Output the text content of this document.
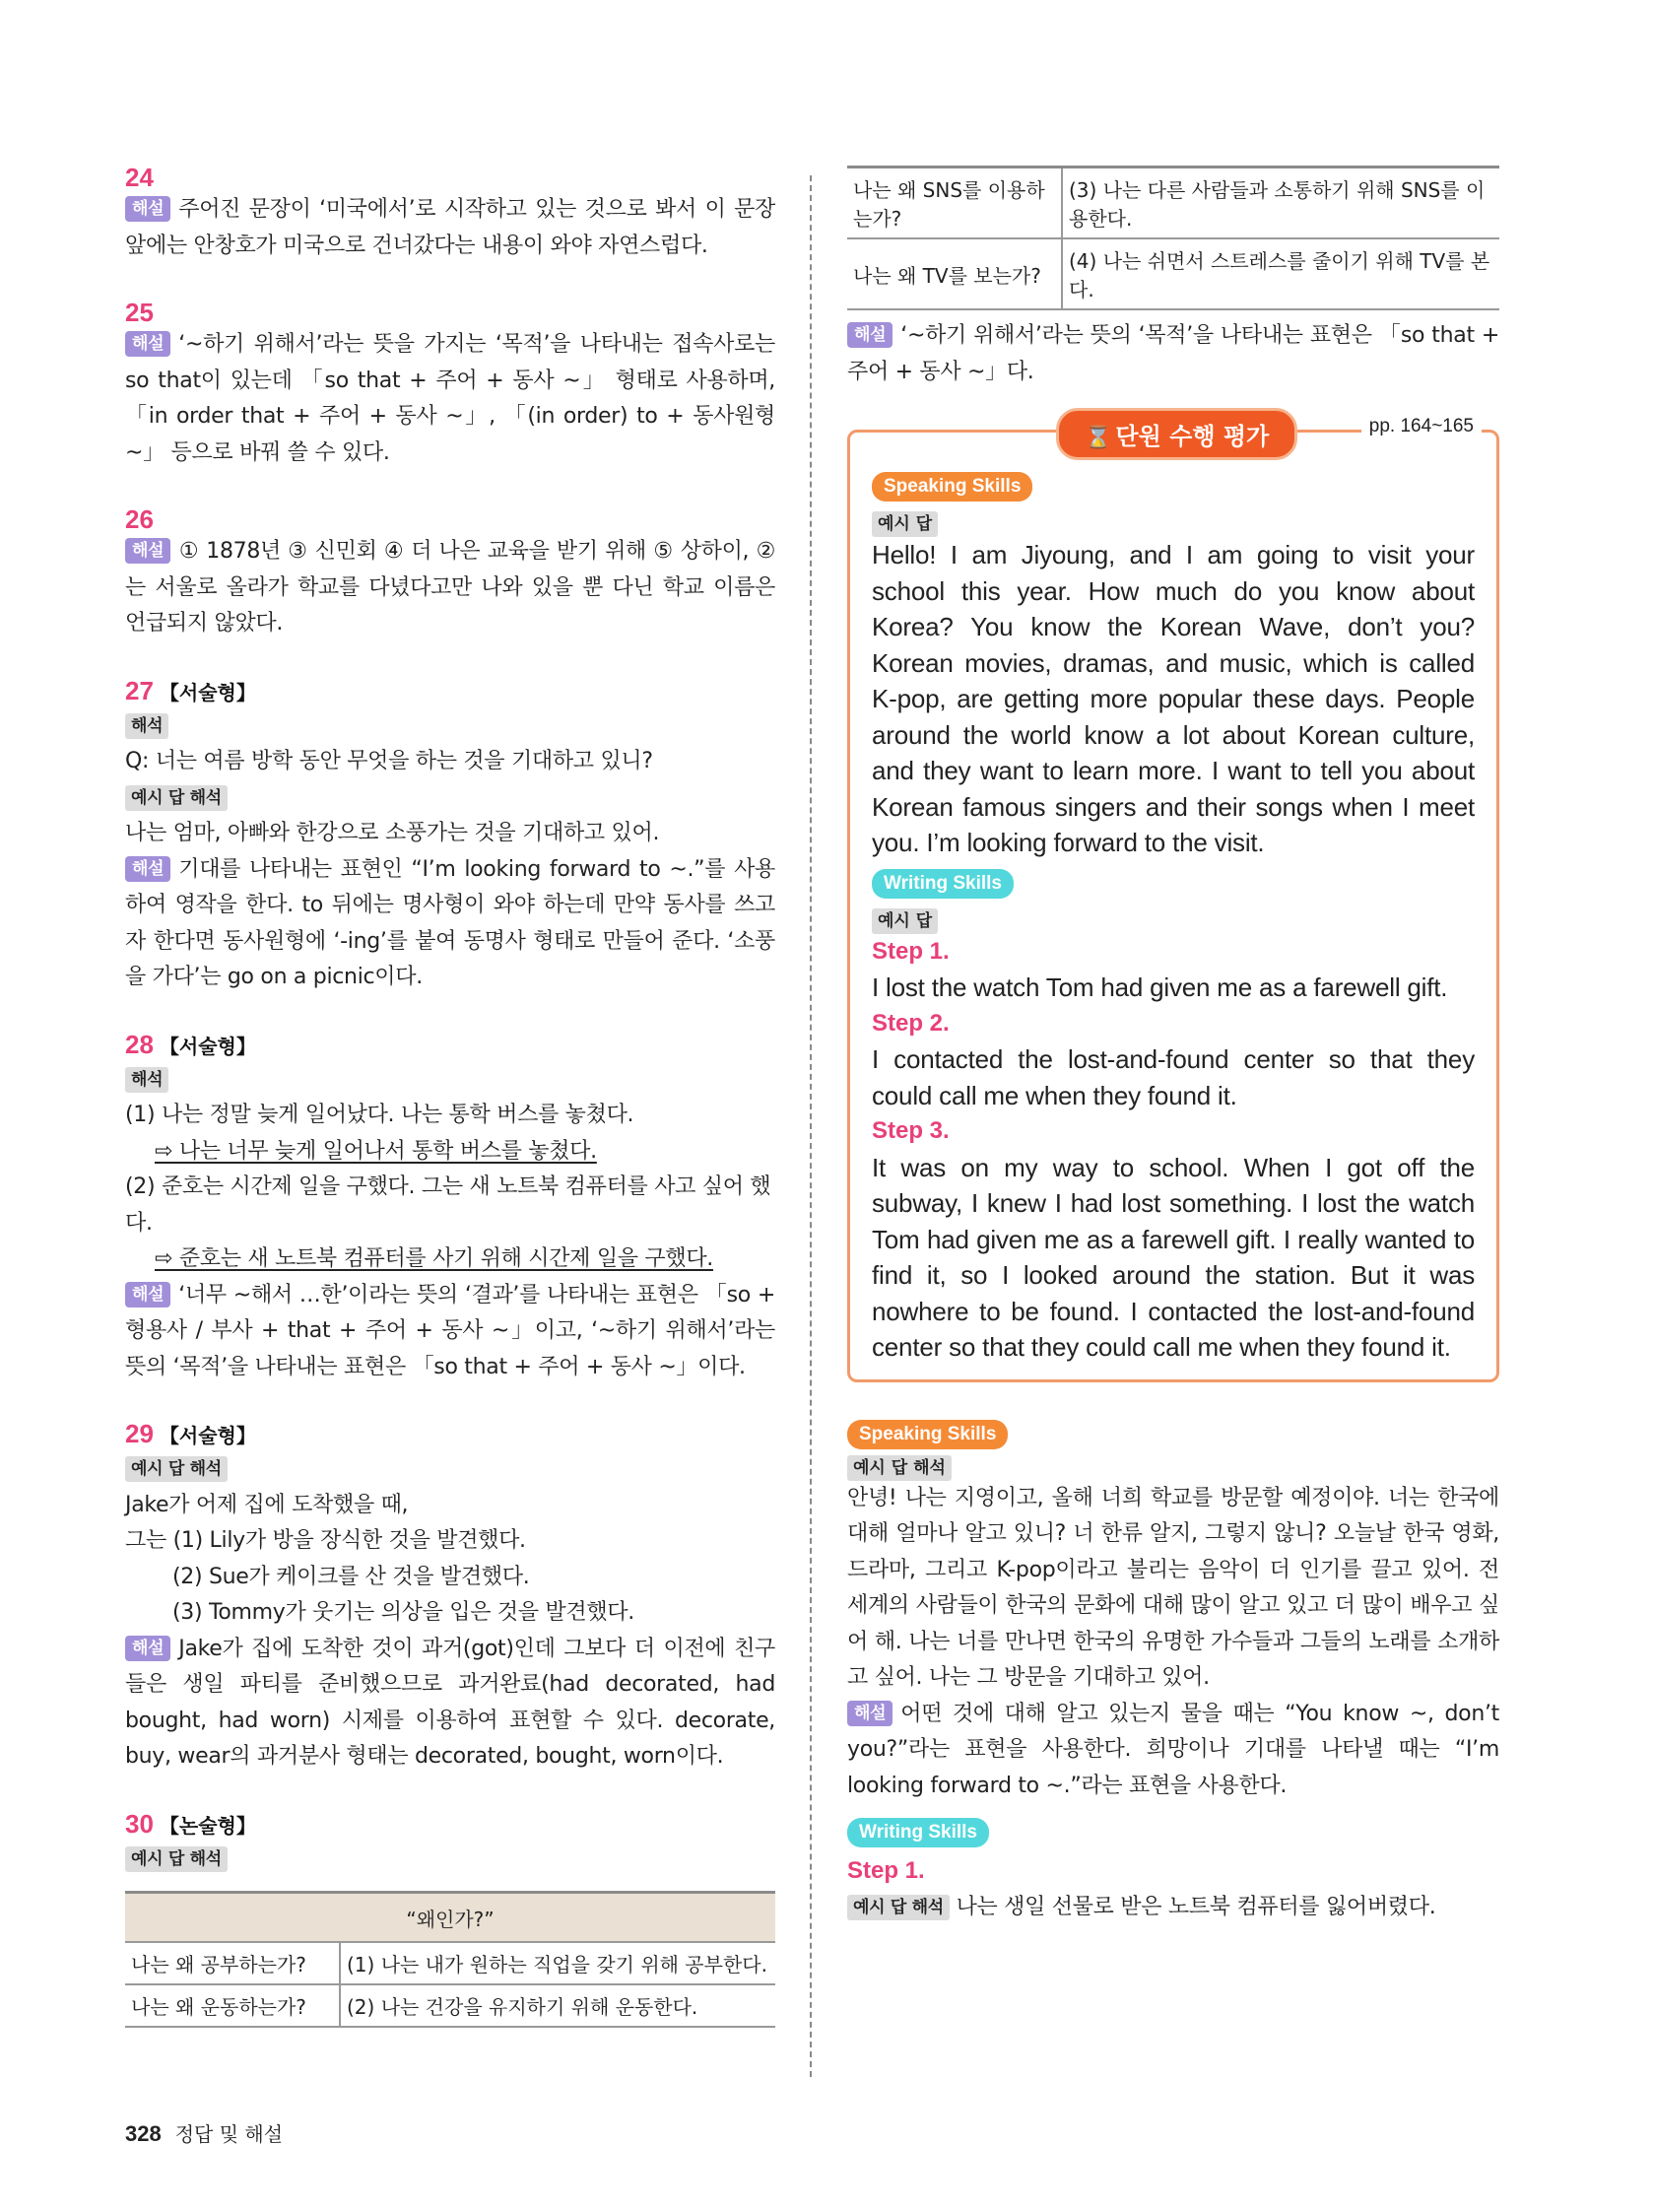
24
해설 주어진 문장이 ‘미국에서’로 시작하고 있는 것으로 봐서 이 문장 앞에는 안창호가 미국으로 건너갔다는 내용이 와야 자연스럽다.
25
해설 ‘~하기 위해서’라는 뜻을 가지는 ‘목적’을 나타내는 접속사로는 so that이 있는데 「so that + 주어 + 동사 ~」 형태로 사용하며, 「in order that + 주어 + 동사 ~」, 「(in order) to + 동사원형 ~」 등으로 바꿔 쓸 수 있다.
26
해설 ① 1878년 ③ 신민회 ④ 더 나은 교육을 받기 위해 ⑤ 상하이, ②는 서울로 올라가 학교를 다녔다고만 나와 있을 뿐 다닌 학교 이름은 언급되지 않았다.
27 【서술형】
해석
Q: 너는 여름 방학 동안 무엇을 하는 것을 기대하고 있니?
예시 답 해석
나는 엄마, 아빠와 한강으로 소풍가는 것을 기대하고 있어.
해설 기대를 나타내는 표현인 “I’m looking forward to ~.”를 사용하여 영작을 한다. to 뒤에는 명사형이 와야 하는데 만약 동사를 쓰고자 한다면 동사원형에 ‘-ing’를 붙여 동명사 형태로 만들어 준다. ‘소풍을 가다’는 go on a picnic이다.
28 【서술형】
해석
(1) 나는 정말 늦게 일어났다. 나는 통학 버스를 놓쳤다.
⇨ 나는 너무 늦게 일어나서 통학 버스를 놓쳤다.
(2) 준호는 시간제 일을 구했다. 그는 새 노트북 컴퓨터를 사고 싶어 했다.
⇨ 준호는 새 노트북 컴퓨터를 사기 위해 시간제 일을 구했다.
해설 ‘너무 ~해서 …한’이라는 뜻의 ‘결과’를 나타내는 표현은 「so + 형용사 / 부사 + that + 주어 + 동사 ~」이고, ‘~하기 위해서’라는 뜻의 ‘목적’을 나타내는 표현은 「so that + 주어 + 동사 ~」이다.
29 【서술형】
예시 답 해석
Jake가 어제 집에 도착했을 때,
그는 (1) Lily가 방을 장식한 것을 발견했다.
(2) Sue가 케이크를 산 것을 발견했다.
(3) Tommy가 웃기는 의상을 입은 것을 발견했다.
해설 Jake가 집에 도착한 것이 과거(got)인데 그보다 더 이전에 친구들은 생일 파티를 준비했으므로 과거완료(had decorated, had bought, had worn) 시제를 이용하여 표현할 수 있다. decorate, buy, wear의 과거분사 형태는 decorated, bought, worn이다.
30 【논술형】
예시 답 해석
“왜인가?”	
나는 왜 공부하는가?	(1) 나는 내가 원하는 직업을 갖기 위해 공부한다.
나는 왜 운동하는가?	(2) 나는 건강을 유지하기 위해 운동한다.
나는 왜 SNS를 이용하는가?	(3) 나는 다른 사람들과 소통하기 위해 SNS를 이용한다.
나는 왜 TV를 보는가?	(4) 나는 쉬면서 스트레스를 줄이기 위해 TV를 본다.
해설 ‘~하기 위해서’라는 뜻의 ‘목적’을 나타내는 표현은 「so that + 주어 + 동사 ~」다.
⌛ 단원 수행 평가	pp. 164~165
Speaking Skills
예시 답
Hello! I am Jiyoung, and I am going to visit your school this year. How much do you know about Korea? You know the Korean Wave, don’t you? Korean movies, dramas, and music, which is called K-pop, are getting more popular these days. People around the world know a lot about Korean culture, and they want to learn more. I want to tell you about Korean famous singers and their songs when I meet you. I’m looking forward to the visit.
Writing Skills
예시 답
Step 1.
I lost the watch Tom had given me as a farewell gift.
Step 2.
I contacted the lost-and-found center so that they could call me when they found it.
Step 3.
It was on my way to school. When I got off the subway, I knew I had lost something. I lost the watch Tom had given me as a farewell gift. I really wanted to find it, so I looked around the station. But it was nowhere to be found. I contacted the lost-and-found center so that they could call me when they found it.
Speaking Skills
예시 답 해석
안녕! 나는 지영이고, 올해 너희 학교를 방문할 예정이야. 너는 한국에 대해 얼마나 알고 있니? 너 한류 알지, 그렇지 않니? 오늘날 한국 영화, 드라마, 그리고 K-pop이라고 불리는 음악이 더 인기를 끌고 있어. 전 세계의 사람들이 한국의 문화에 대해 많이 알고 있고 더 많이 배우고 싶어 해. 나는 너를 만나면 한국의 유명한 가수들과 그들의 노래를 소개하고 싶어. 나는 그 방문을 기대하고 있어.
해설 어떤 것에 대해 알고 있는지 물을 때는 “You know ~, don’t you?”라는 표현을 사용한다. 희망이나 기대를 나타낼 때는 “I’m looking forward to ~.”라는 표현을 사용한다.
Writing Skills
Step 1.
예시 답 해석 나는 생일 선물로 받은 노트북 컴퓨터를 잃어버렸다.
328 정답 및 해설
